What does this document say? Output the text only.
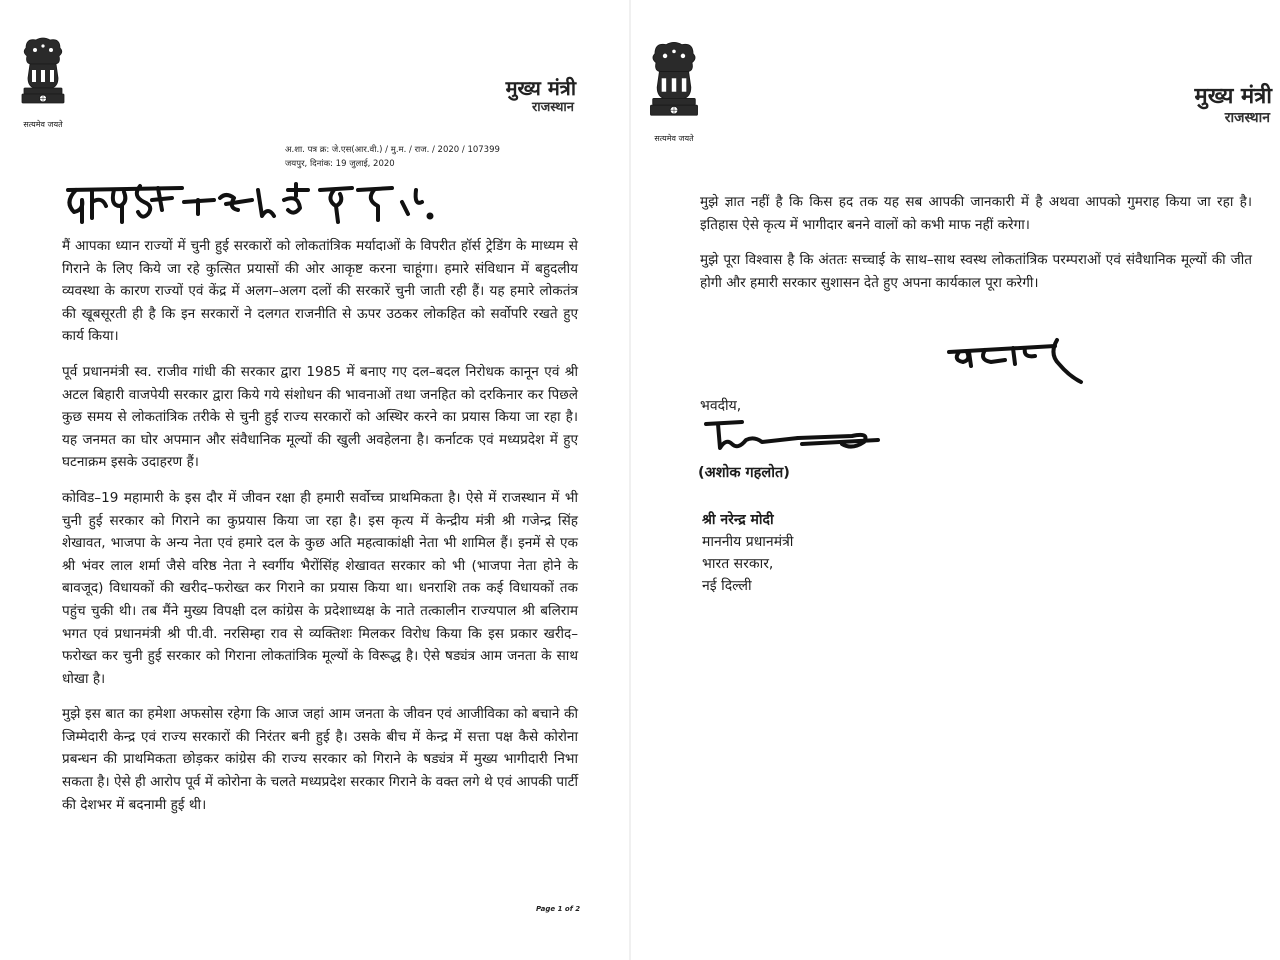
सत्यमेव जयते
मुख्य मंत्री
राजस्थान
अ.शा. पत्र क्र: जे.एस(आर.वी.) / मु.म. / राज. / 2020 / 107399
जयपुर, दिनांक: 19 जुलाई, 2020

मैं आपका ध्यान राज्यों में चुनी हुई सरकारों को लोकतांत्रिक मर्यादाओं के विपरीत हॉर्स ट्रेडिंग के माध्यम से गिराने के लिए किये जा रहे कुत्सित प्रयासों की ओर आकृष्ट करना चाहूंगा। हमारे संविधान में बहुदलीय व्यवस्था के कारण राज्यों एवं केंद्र में अलग–अलग दलों की सरकारें चुनी जाती रही हैं। यह हमारे लोकतंत्र की खूबसूरती ही है कि इन सरकारों ने दलगत राजनीति से ऊपर उठकर लोकहित को सर्वोपरि रखते हुए कार्य किया।

पूर्व प्रधानमंत्री स्व. राजीव गांधी की सरकार द्वारा 1985 में बनाए गए दल–बदल निरोधक कानून एवं श्री अटल बिहारी वाजपेयी सरकार द्वारा किये गये संशोधन की भावनाओं तथा जनहित को दरकिनार कर पिछले कुछ समय से लोकतांत्रिक तरीके से चुनी हुई राज्य सरकारों को अस्थिर करने का प्रयास किया जा रहा है। यह जनमत का घोर अपमान और संवैधानिक मूल्यों की खुली अवहेलना है। कर्नाटक एवं मध्यप्रदेश में हुए घटनाक्रम इसके उदाहरण हैं।

कोविड–19 महामारी के इस दौर में जीवन रक्षा ही हमारी सर्वोच्च प्राथमिकता है। ऐसे में राजस्थान में भी चुनी हुई सरकार को गिराने का कुप्रयास किया जा रहा है। इस कृत्य में केन्द्रीय मंत्री श्री गजेन्द्र सिंह शेखावत, भाजपा के अन्य नेता एवं हमारे दल के कुछ अति महत्वाकांक्षी नेता भी शामिल हैं। इनमें से एक श्री भंवर लाल शर्मा जैसे वरिष्ठ नेता ने स्वर्गीय भैरोंसिंह शेखावत सरकार को भी (भाजपा नेता होने के बावजूद) विधायकों की खरीद–फरोख्त कर गिराने का प्रयास किया था। धनराशि तक कई विधायकों तक पहुंच चुकी थी। तब मैंने मुख्य विपक्षी दल कांग्रेस के प्रदेशाध्यक्ष के नाते तत्कालीन राज्यपाल श्री बलिराम भगत एवं प्रधानमंत्री श्री पी.वी. नरसिम्हा राव से व्यक्तिशः मिलकर विरोध किया कि इस प्रकार खरीद–फरोख्त कर चुनी हुई सरकार को गिराना लोकतांत्रिक मूल्यों के विरूद्ध है। ऐसे षड्यंत्र आम जनता के साथ धोखा है।

मुझे इस बात का हमेशा अफसोस रहेगा कि आज जहां आम जनता के जीवन एवं आजीविका को बचाने की जिम्मेदारी केन्द्र एवं राज्य सरकारों की निरंतर बनी हुई है। उसके बीच में केन्द्र में सत्ता पक्ष कैसे कोरोना प्रबन्धन की प्राथमिकता छोड़कर कांग्रेस की राज्य सरकार को गिराने के षड्यंत्र में मुख्य भागीदारी निभा सकता है। ऐसे ही आरोप पूर्व में कोरोना के चलते मध्यप्रदेश सरकार गिराने के वक्त लगे थे एवं आपकी पार्टी की देशभर में बदनामी हुई थी।

Page 1 of 2
सत्यमेव जयते
मुख्य मंत्री
राजस्थान

मुझे ज्ञात नहीं है कि किस हद तक यह सब आपकी जानकारी में है अथवा आपको गुमराह किया जा रहा है। इतिहास ऐसे कृत्य में भागीदार बनने वालों को कभी माफ नहीं करेगा।

मुझे पूरा विश्वास है कि अंततः सच्चाई के साथ–साथ स्वस्थ लोकतांत्रिक परम्पराओं एवं संवैधानिक मूल्यों की जीत होगी और हमारी सरकार सुशासन देते हुए अपना कार्यकाल पूरा करेगी।

भवदीय,
(अशोक गहलोत)
श्री नरेन्द्र मोदी
माननीय प्रधानमंत्री
भारत सरकार,
नई दिल्ली
